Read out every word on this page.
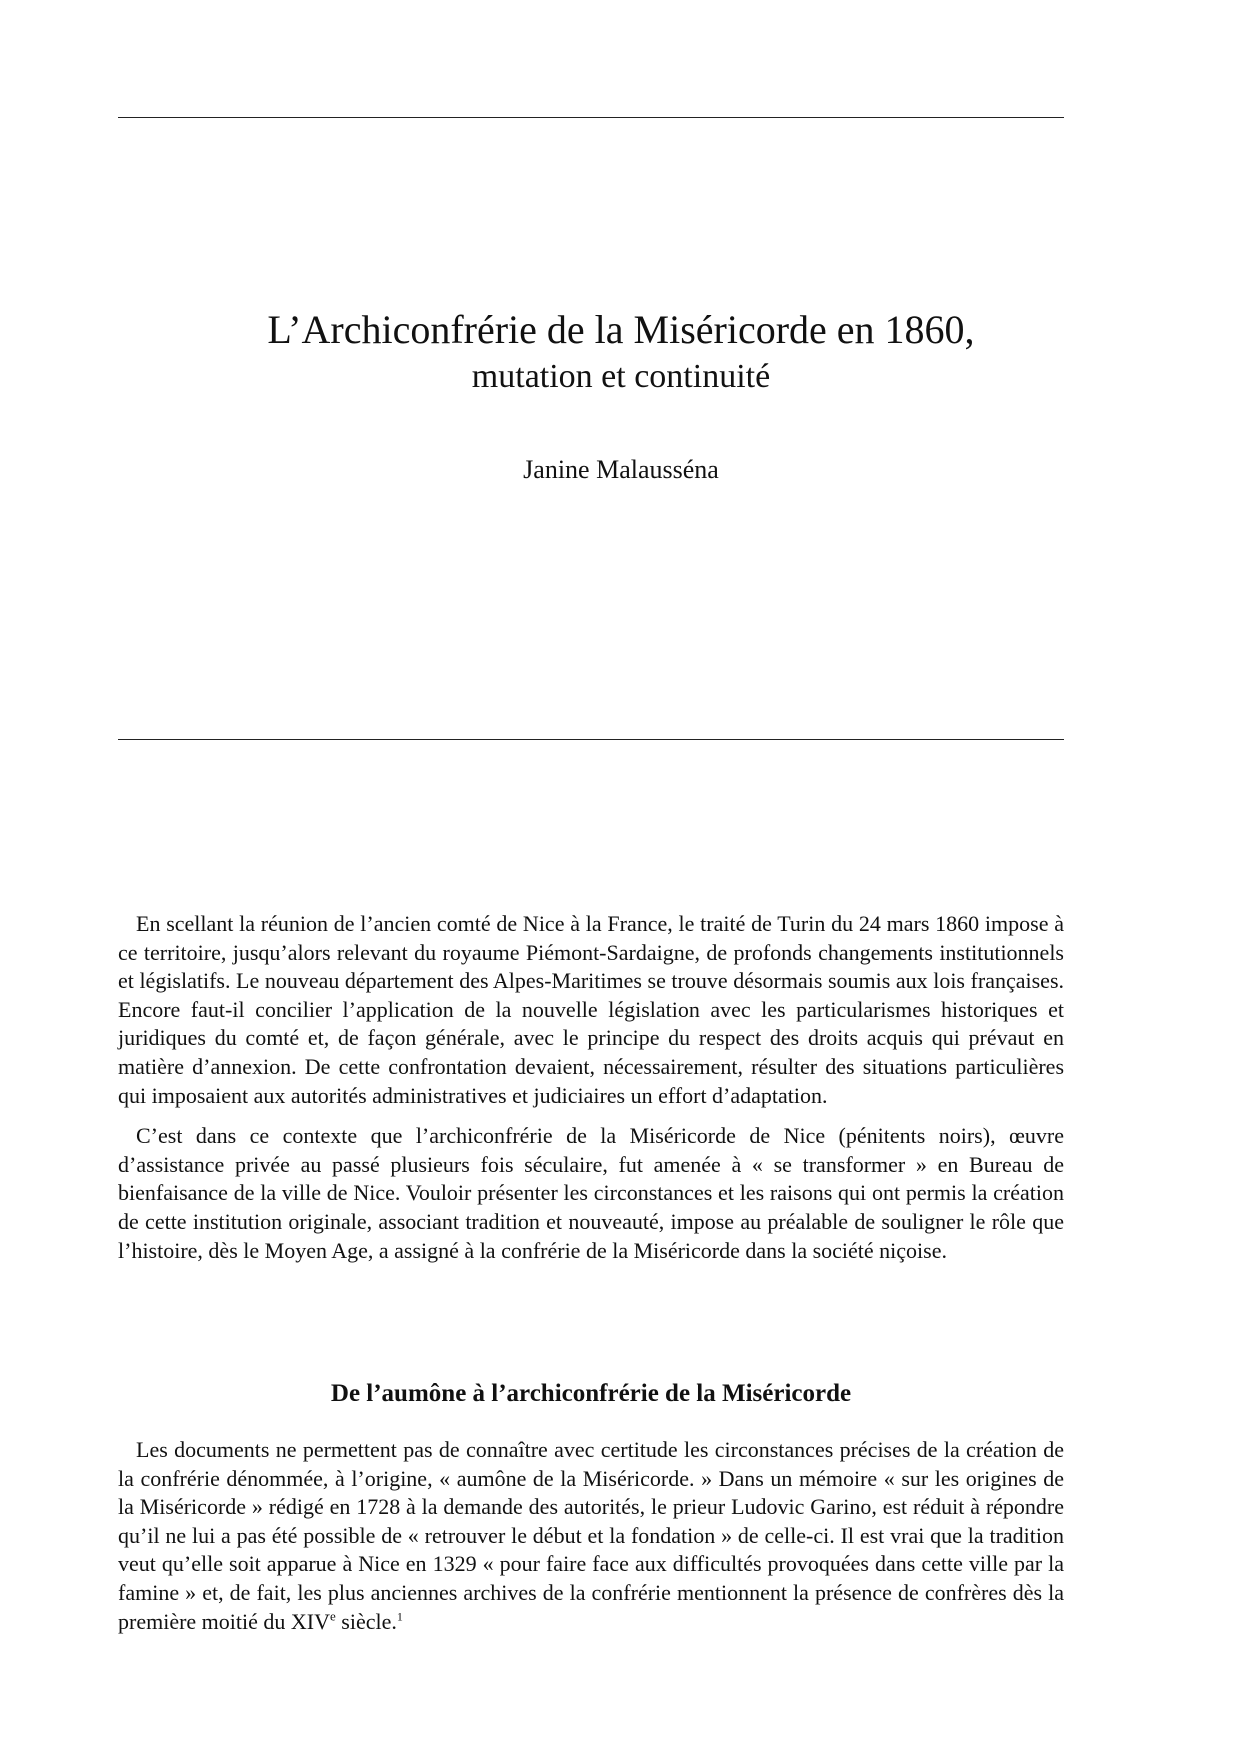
L’Archiconfrérie de la Miséricorde en 1860,
mutation et continuité
Janine Malausséna

En scellant la réunion de l’ancien comté de Nice à la France, le traité de Turin du 24 mars 1860 impose à ce territoire, jusqu’alors relevant du royaume Piémont-Sardaigne, de profonds changements institutionnels et législatifs. Le nouveau département des Alpes-Maritimes se trouve désormais soumis aux lois françaises. Encore faut-il concilier l’application de la nouvelle législation avec les particularismes historiques et juridiques du comté et, de façon générale, avec le principe du respect des droits acquis qui prévaut en matière d’annexion. De cette confrontation devaient, nécessairement, résulter des situations particulières qui imposaient aux autorités administratives et judiciaires un effort d’adaptation.

C’est dans ce contexte que l’archiconfrérie de la Miséricorde de Nice (pénitents noirs), œuvre d’assistance privée au passé plusieurs fois séculaire, fut amenée à « se transformer » en Bureau de bienfaisance de la ville de Nice. Vouloir présenter les circonstances et les raisons qui ont permis la création de cette institution originale, associant tradition et nouveauté, impose au préalable de souligner le rôle que l’histoire, dès le Moyen Age, a assigné à la confrérie de la Miséricorde dans la société niçoise.

De l’aumône à l’archiconfrérie de la Miséricorde

Les documents ne permettent pas de connaître avec certitude les circonstances précises de la création de la confrérie dénommée, à l’origine, « aumône de la Miséricorde. » Dans un mémoire « sur les origines de la Miséricorde » rédigé en 1728 à la demande des autorités, le prieur Ludovic Garino, est réduit à répondre qu’il ne lui a pas été possible de « retrouver le début et la fondation » de celle-ci. Il est vrai que la tradition veut qu’elle soit apparue à Nice en 1329 « pour faire face aux difficultés provoquées dans cette ville par la famine » et, de fait, les plus anciennes archives de la confrérie mentionnent la présence de confrères dès la première moitié du XIVe siècle.$^1$
